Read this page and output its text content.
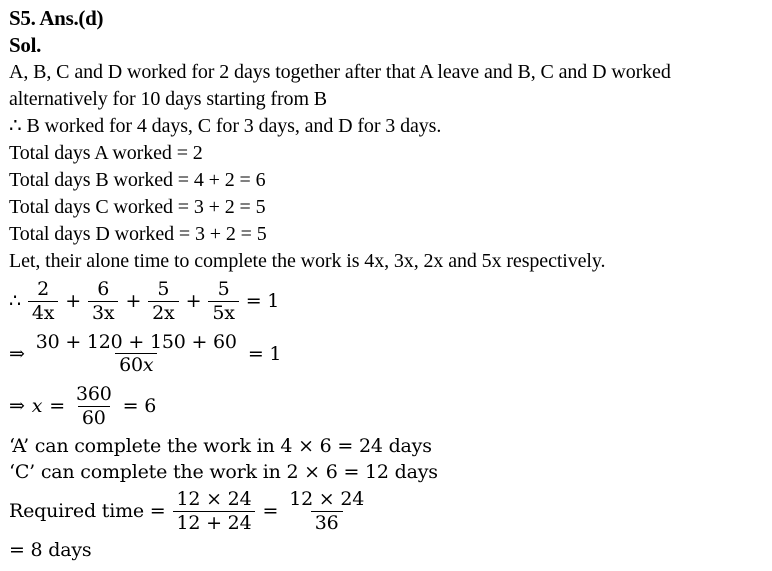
S5. Ans.(d)
Sol.
A, B, C and D worked for 2 days together after that A leave and B, C and D worked
alternatively for 10 days starting from B
∴ B worked for 4 days, C for 3 days, and D for 3 days.
Total days A worked = 2
Total days B worked = 4 + 2 = 6
Total days C worked = 3 + 2 = 5
Total days D worked = 3 + 2 = 5
Let, their alone time to complete the work is 4x, 3x, 2x and 5x respectively.
∴ $\frac{2}{4x} + \frac{6}{3x} + \frac{5}{2x} + \frac{5}{5x} = 1$
⇒ $\frac{30 + 120 + 150 + 60}{60x} = 1$
⇒ $x = \frac{360}{60} = 6$
‘A’ can complete the work in 4 × 6 = 24 days
‘C’ can complete the work in 2 × 6 = 12 days
Required time = $\frac{12 \times 24}{12 + 24} = \frac{12 \times 24}{36}$
= 8 days
